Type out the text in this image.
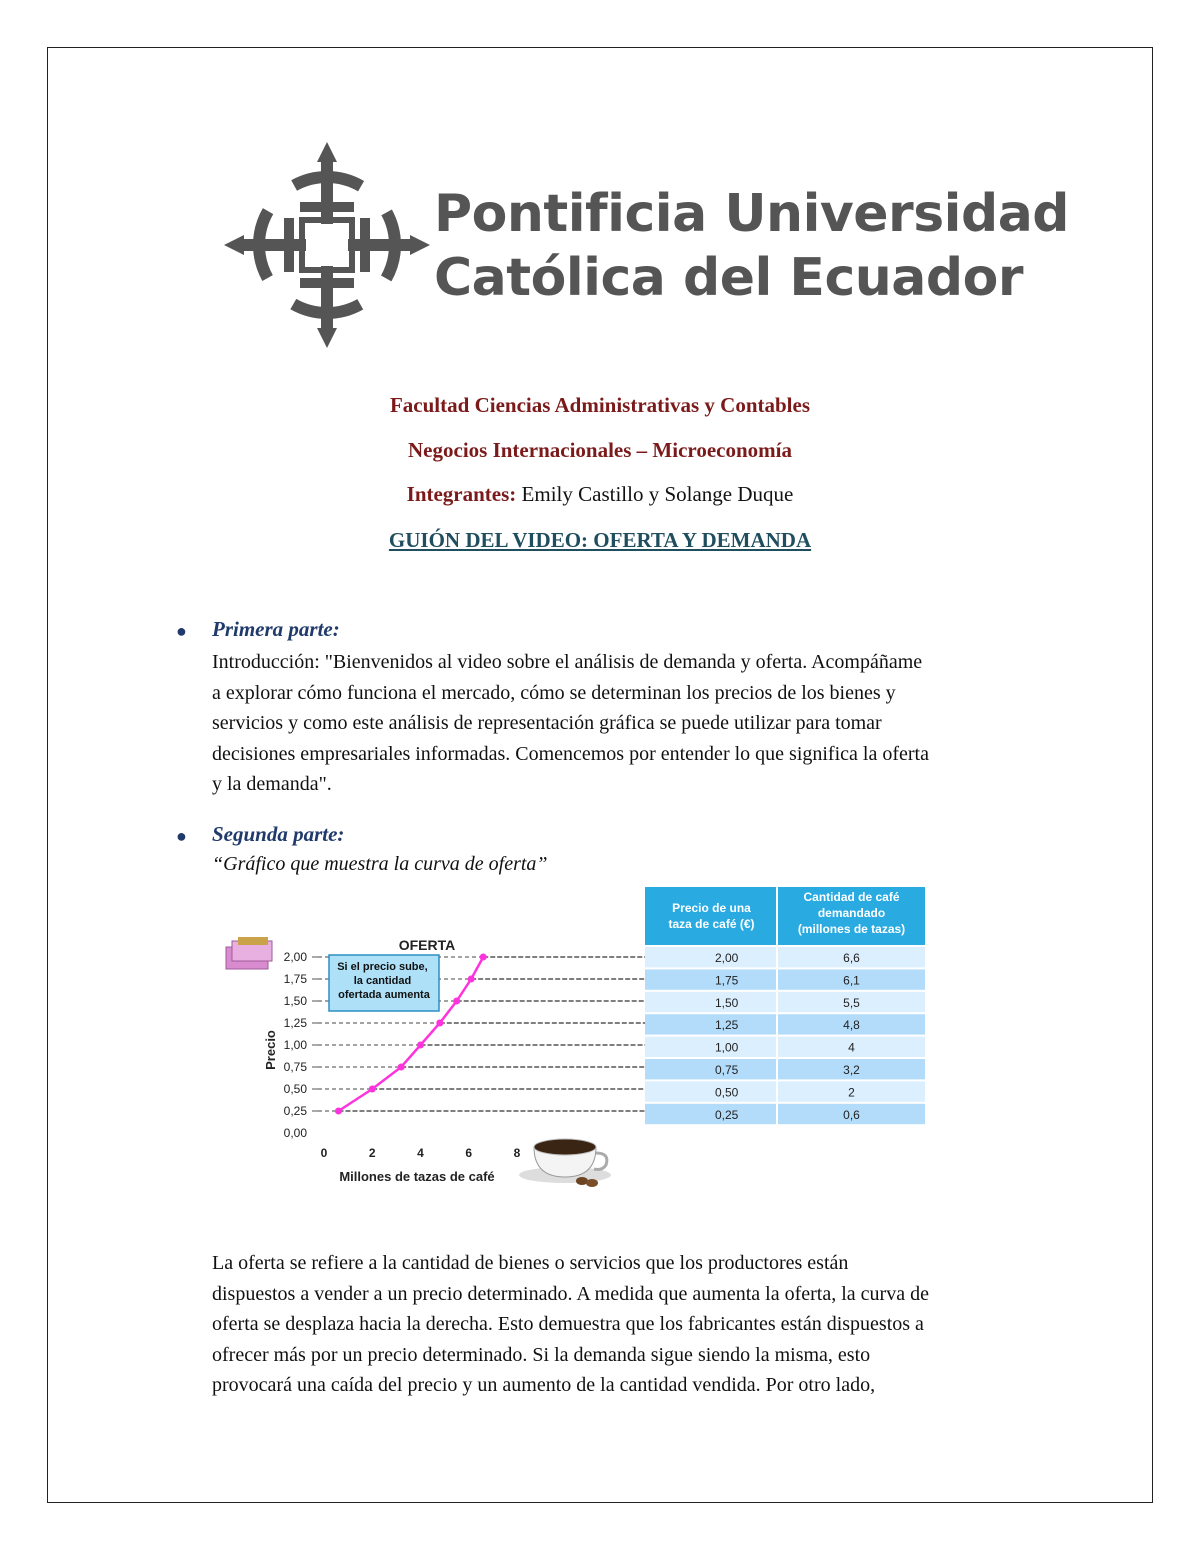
Pontificia Universidad
Católica del Ecuador
Facultad Ciencias Administrativas y Contables
Negocios Internacionales – Microeconomía
Integrantes: Emily Castillo y Solange Duque
GUIÓN DEL VIDEO: OFERTA Y DEMANDA
● Primera parte:
Introducción: "Bienvenidos al video sobre el análisis de demanda y oferta. Acompáñame
a explorar cómo funciona el mercado, cómo se determinan los precios de los bienes y
servicios y como este análisis de representación gráfica se puede utilizar para tomar
decisiones empresariales informadas. Comencemos por entender lo que significa la oferta
y la demanda".
● Segunda parte:
“Gráfico que muestra la curva de oferta”
0,00
0,25
0,50
0,75
1,00
1,25
1,50
1,75
2,00
0	2	4	6	8
Precio de una taza de café (€)
Cantidad de café demandado (millones de tazas)
2,00	6,6
1,75	6,1
1,50	5,5
1,25	4,8
1,00	4
0,75	3,2
0,50	2
0,25	0,6
OFERTA
Millones de tazas de café
Precio
Si el precio sube, la cantidad ofertada aumenta
La oferta se refiere a la cantidad de bienes o servicios que los productores están
dispuestos a vender a un precio determinado. A medida que aumenta la oferta, la curva de
oferta se desplaza hacia la derecha. Esto demuestra que los fabricantes están dispuestos a
ofrecer más por un precio determinado. Si la demanda sigue siendo la misma, esto
provocará una caída del precio y un aumento de la cantidad vendida. Por otro lado,
